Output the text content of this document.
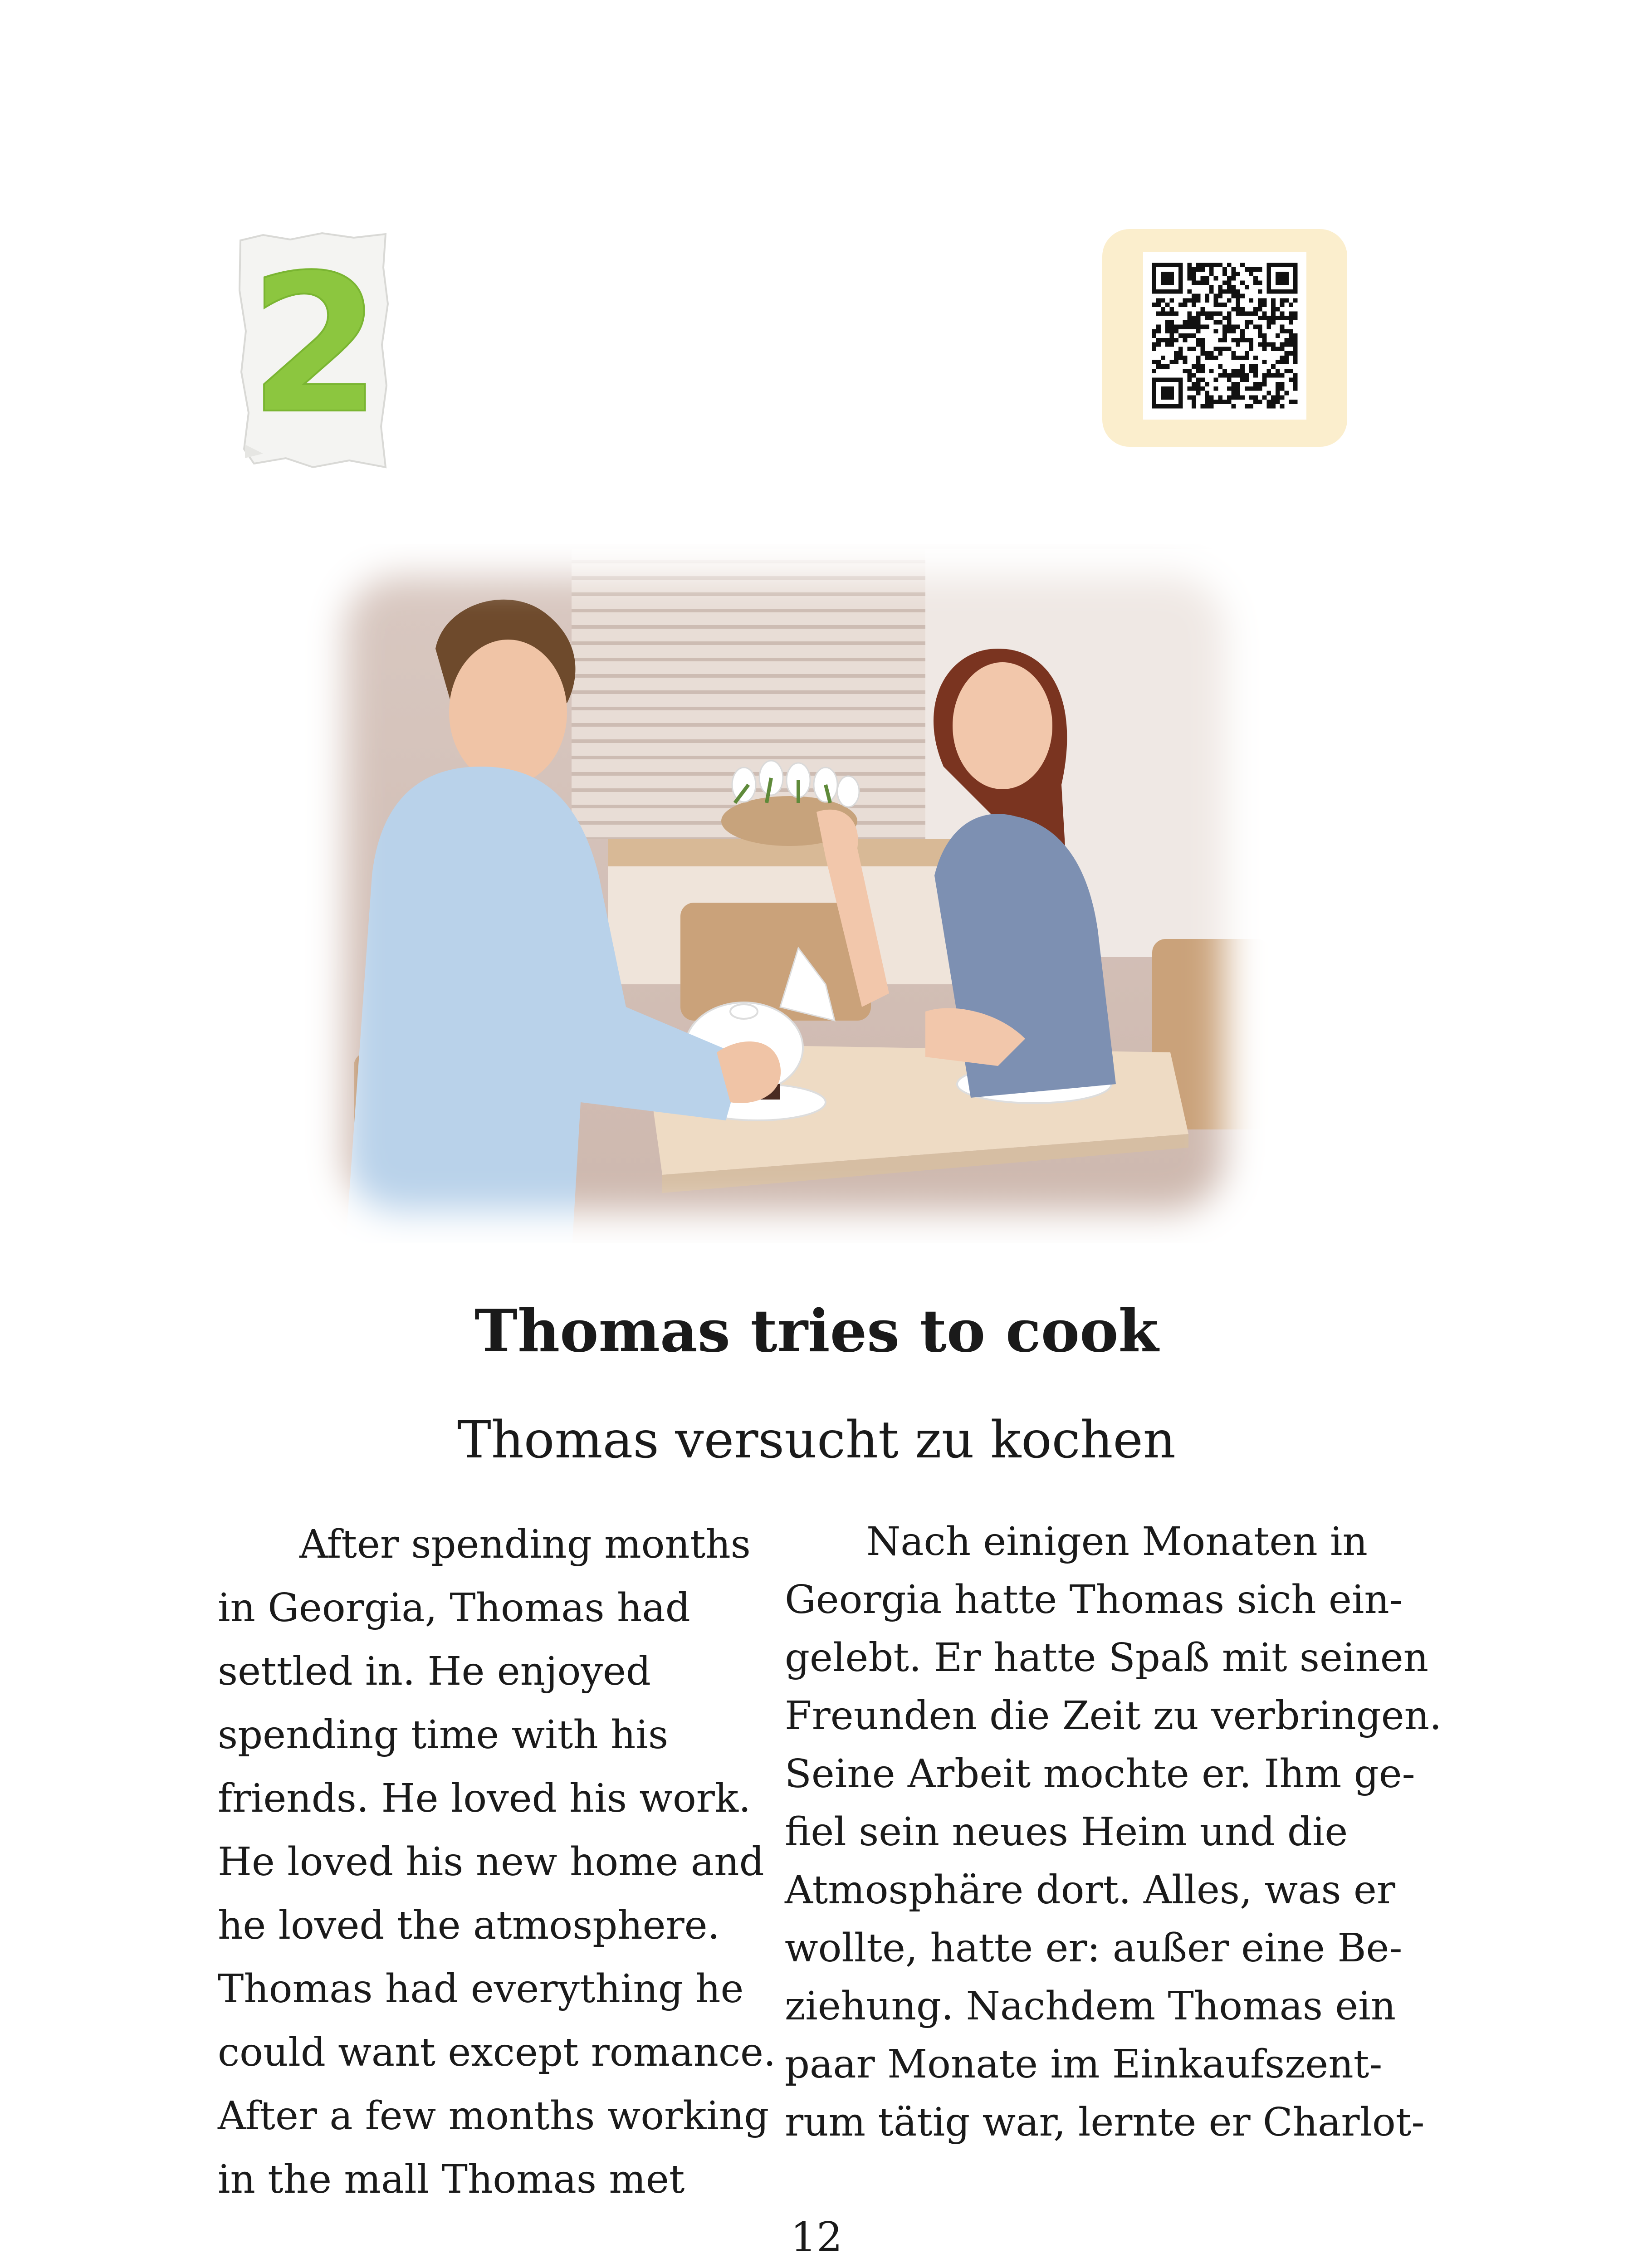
2
Thomas tries to cook
Thomas versucht zu kochen
After spending months
in Georgia, Thomas had
settled in. He enjoyed
spending time with his
friends. He loved his work.
He loved his new home and
he loved the atmosphere.
Thomas had everything he
could want except romance.
After a few months working
in the mall Thomas met
Nach einigen Monaten in
Georgia hatte Thomas sich ein-
gelebt. Er hatte Spaß mit seinen
Freunden die Zeit zu verbringen.
Seine Arbeit mochte er. Ihm ge-
fiel sein neues Heim und die
Atmosphäre dort. Alles, was er
wollte, hatte er: außer eine Be-
ziehung. Nachdem Thomas ein
paar Monate im Einkaufszent-
rum tätig war, lernte er Charlot-
12
